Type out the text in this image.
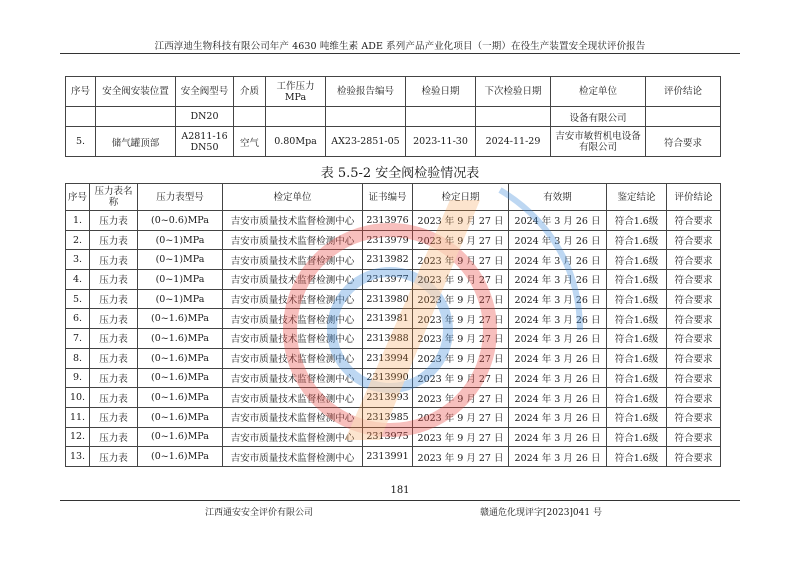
江西淳迪生物科技有限公司年产 4630 吨维生素 ADE 系列产品产业化项目（一期）在役生产装置安全现状评价报告
序号	安全阀安装位置	安全阀型号	介质	工作压力 MPa	检验报告编号	检验日期	下次检验日期	检定单位	评价结论
		DN20						设备有限公司	
5.	储气罐顶部	A2811-16 DN50	空气	0.80Mpa	AX23-2851-05	2023-11-30	2024-11-29	吉安市敏哲机电设备有限公司	符合要求
表 5.5-2 安全阀检验情况表
序号	压力表名称	压力表型号	检定单位	证书编号	检定日期	有效期	鉴定结论	评价结论
1.	压力表	(0~0.6)MPa	吉安市质量技术监督检测中心	2313976	2023 年 9 月 27 日	2024 年 3 月 26 日	符合1.6级	符合要求
2.	压力表	(0~1)MPa	吉安市质量技术监督检测中心	2313979	2023 年 9 月 27 日	2024 年 3 月 26 日	符合1.6级	符合要求
3.	压力表	(0~1)MPa	吉安市质量技术监督检测中心	2313982	2023 年 9 月 27 日	2024 年 3 月 26 日	符合1.6级	符合要求
4.	压力表	(0~1)MPa	吉安市质量技术监督检测中心	2313977	2023 年 9 月 27 日	2024 年 3 月 26 日	符合1.6级	符合要求
5.	压力表	(0~1)MPa	吉安市质量技术监督检测中心	2313980	2023 年 9 月 27 日	2024 年 3 月 26 日	符合1.6级	符合要求
6.	压力表	(0~1.6)MPa	吉安市质量技术监督检测中心	2313981	2023 年 9 月 27 日	2024 年 3 月 26 日	符合1.6级	符合要求
7.	压力表	(0~1.6)MPa	吉安市质量技术监督检测中心	2313988	2023 年 9 月 27 日	2024 年 3 月 26 日	符合1.6级	符合要求
8.	压力表	(0~1.6)MPa	吉安市质量技术监督检测中心	2313994	2023 年 9 月 27 日	2024 年 3 月 26 日	符合1.6级	符合要求
9.	压力表	(0~1.6)MPa	吉安市质量技术监督检测中心	2313990	2023 年 9 月 27 日	2024 年 3 月 26 日	符合1.6级	符合要求
10.	压力表	(0~1.6)MPa	吉安市质量技术监督检测中心	2313993	2023 年 9 月 27 日	2024 年 3 月 26 日	符合1.6级	符合要求
11.	压力表	(0~1.6)MPa	吉安市质量技术监督检测中心	2313985	2023 年 9 月 27 日	2024 年 3 月 26 日	符合1.6级	符合要求
12.	压力表	(0~1.6)MPa	吉安市质量技术监督检测中心	2313975	2023 年 9 月 27 日	2024 年 3 月 26 日	符合1.6级	符合要求
13.	压力表	(0~1.6)MPa	吉安市质量技术监督检测中心	2313991	2023 年 9 月 27 日	2024 年 3 月 26 日	符合1.6级	符合要求
181
江西通安安全评价有限公司	赣通危化现评字[2023]041 号
